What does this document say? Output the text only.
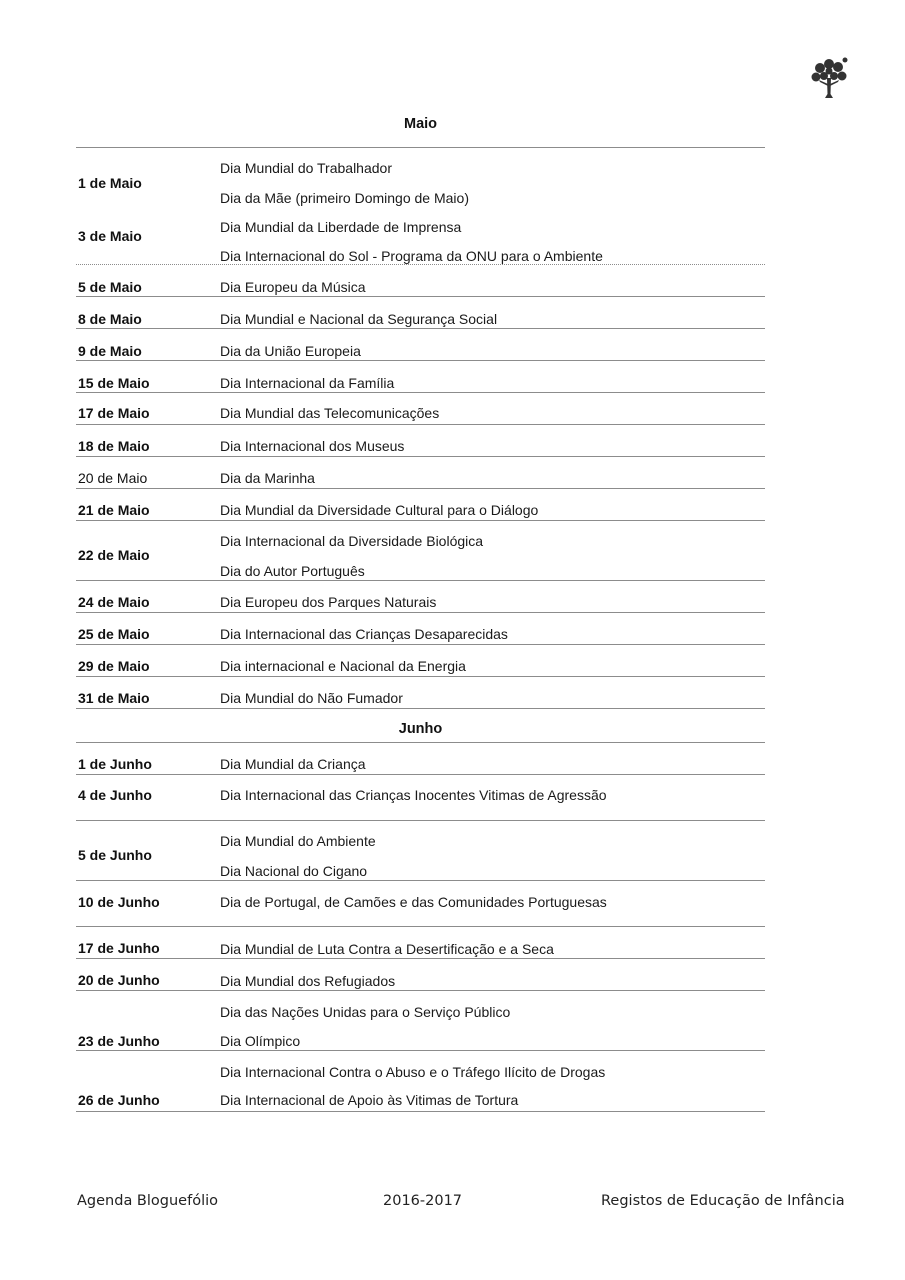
Maio
1 de Maio
Dia Mundial do Trabalhador
Dia da Mãe (primeiro Domingo de Maio)
3 de Maio
Dia Mundial da Liberdade de Imprensa
Dia Internacional do Sol - Programa da ONU para o Ambiente
5 de Maio	Dia Europeu da Música
8 de Maio	Dia Mundial e Nacional da Segurança Social
9 de Maio	Dia da União Europeia
15 de Maio	Dia Internacional da Família
17 de Maio	Dia Mundial das Telecomunicações
18 de Maio	Dia Internacional dos Museus
20 de Maio	Dia da Marinha
21 de Maio	Dia Mundial da Diversidade Cultural para o Diálogo
22 de Maio
Dia Internacional da Diversidade Biológica
Dia do Autor Português
24 de Maio	Dia Europeu dos Parques Naturais
25 de Maio	Dia Internacional das Crianças Desaparecidas
29 de Maio	Dia internacional e Nacional da Energia
31 de Maio	Dia Mundial do Não Fumador
Junho
1 de Junho	Dia Mundial da Criança
4 de Junho	Dia Internacional das Crianças Inocentes Vitimas de Agressão
5 de Junho
Dia Mundial do Ambiente
Dia Nacional do Cigano
10 de Junho	Dia de Portugal, de Camões e das Comunidades Portuguesas
17 de Junho	Dia Mundial de Luta Contra a Desertificação e a Seca
20 de Junho	Dia Mundial dos Refugiados
23 de Junho
Dia das Nações Unidas para o Serviço Público
Dia Olímpico
26 de Junho
Dia Internacional Contra o Abuso e o Tráfego Ilícito de Drogas
Dia Internacional de Apoio às Vitimas de Tortura
Agenda Bloguefólio	2016-2017	Registos de Educação de Infância
